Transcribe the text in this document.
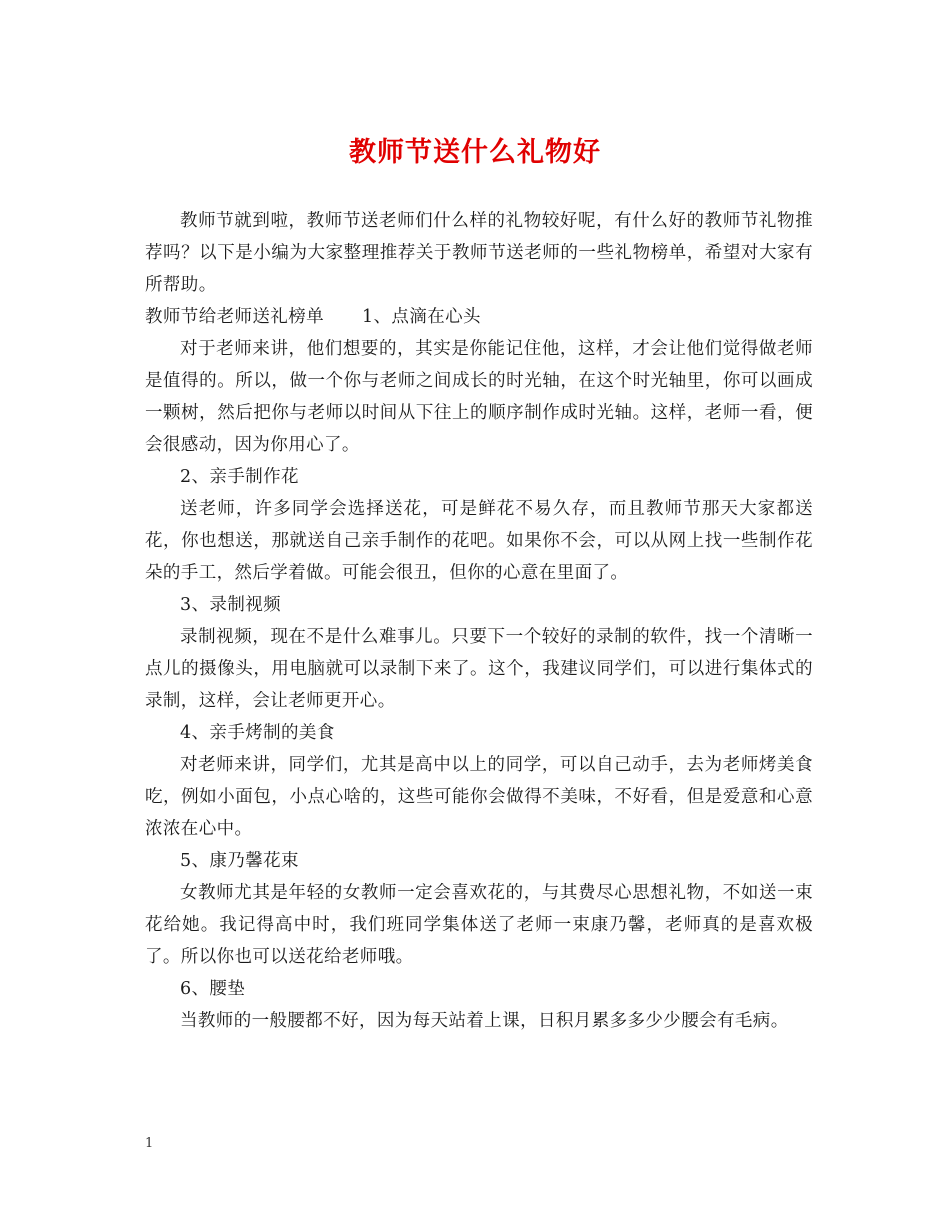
教师节送什么礼物好

教师节就到啦，教师节送老师们什么样的礼物较好呢，有什么好的教师节礼物推荐吗？以下是小编为大家整理推荐关于教师节送老师的一些礼物榜单，希望对大家有所帮助。

教师节给老师送礼榜单 1、点滴在心头

对于老师来讲，他们想要的，其实是你能记住他，这样，才会让他们觉得做老师是值得的。所以，做一个你与老师之间成长的时光轴，在这个时光轴里，你可以画成一颗树，然后把你与老师以时间从下往上的顺序制作成时光轴。这样，老师一看，便会很感动，因为你用心了。

2、亲手制作花

送老师，许多同学会选择送花，可是鲜花不易久存，而且教师节那天大家都送花，你也想送，那就送自己亲手制作的花吧。如果你不会，可以从网上找一些制作花朵的手工，然后学着做。可能会很丑，但你的心意在里面了。

3、录制视频

录制视频，现在不是什么难事儿。只要下一个较好的录制的软件，找一个清晰一点儿的摄像头，用电脑就可以录制下来了。这个，我建议同学们，可以进行集体式的录制，这样，会让老师更开心。

4、亲手烤制的美食

对老师来讲，同学们，尤其是高中以上的同学，可以自己动手，去为老师烤美食吃，例如小面包，小点心啥的，这些可能你会做得不美味，不好看，但是爱意和心意浓浓在心中。

5、康乃馨花束

女教师尤其是年轻的女教师一定会喜欢花的，与其费尽心思想礼物，不如送一束花给她。我记得高中时，我们班同学集体送了老师一束康乃馨，老师真的是喜欢极了。所以你也可以送花给老师哦。

6、腰垫

当教师的一般腰都不好，因为每天站着上课，日积月累多多少少腰会有毛病。

1
